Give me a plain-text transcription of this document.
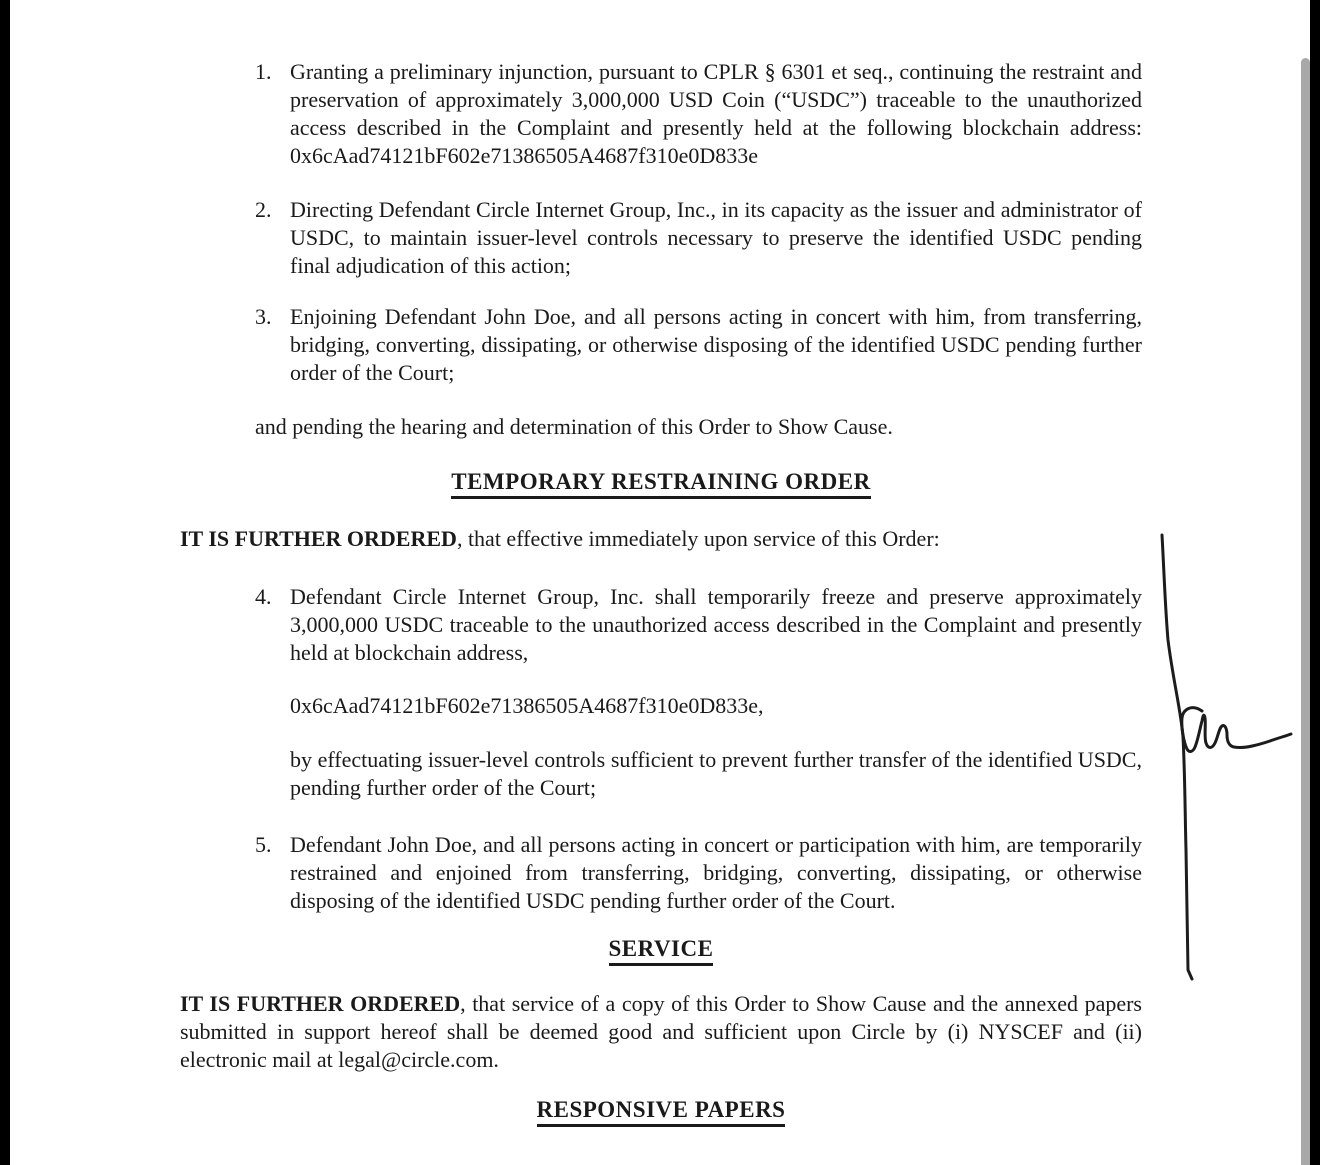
1. Granting a preliminary injunction, pursuant to CPLR § 6301 et seq., continuing the restraint and preservation of approximately 3,000,000 USD Coin (“USDC”) traceable to the unauthorized access described in the Complaint and presently held at the following blockchain address: 0x6cAad74121bF602e71386505A4687f310e0D833e
2. Directing Defendant Circle Internet Group, Inc., in its capacity as the issuer and administrator of USDC, to maintain issuer-level controls necessary to preserve the identified USDC pending final adjudication of this action;
3. Enjoining Defendant John Doe, and all persons acting in concert with him, from transferring, bridging, converting, dissipating, or otherwise disposing of the identified USDC pending further order of the Court;
and pending the hearing and determination of this Order to Show Cause.
TEMPORARY RESTRAINING ORDER
IT IS FURTHER ORDERED, that effective immediately upon service of this Order:
4. Defendant Circle Internet Group, Inc. shall temporarily freeze and preserve approximately 3,000,000 USDC traceable to the unauthorized access described in the Complaint and presently held at blockchain address,
0x6cAad74121bF602e71386505A4687f310e0D833e,
by effectuating issuer-level controls sufficient to prevent further transfer of the identified USDC, pending further order of the Court;
5. Defendant John Doe, and all persons acting in concert or participation with him, are temporarily restrained and enjoined from transferring, bridging, converting, dissipating, or otherwise disposing of the identified USDC pending further order of the Court.
SERVICE
IT IS FURTHER ORDERED, that service of a copy of this Order to Show Cause and the annexed papers submitted in support hereof shall be deemed good and sufficient upon Circle by (i) NYSCEF and (ii) electronic mail at legal@circle.com.
RESPONSIVE PAPERS
